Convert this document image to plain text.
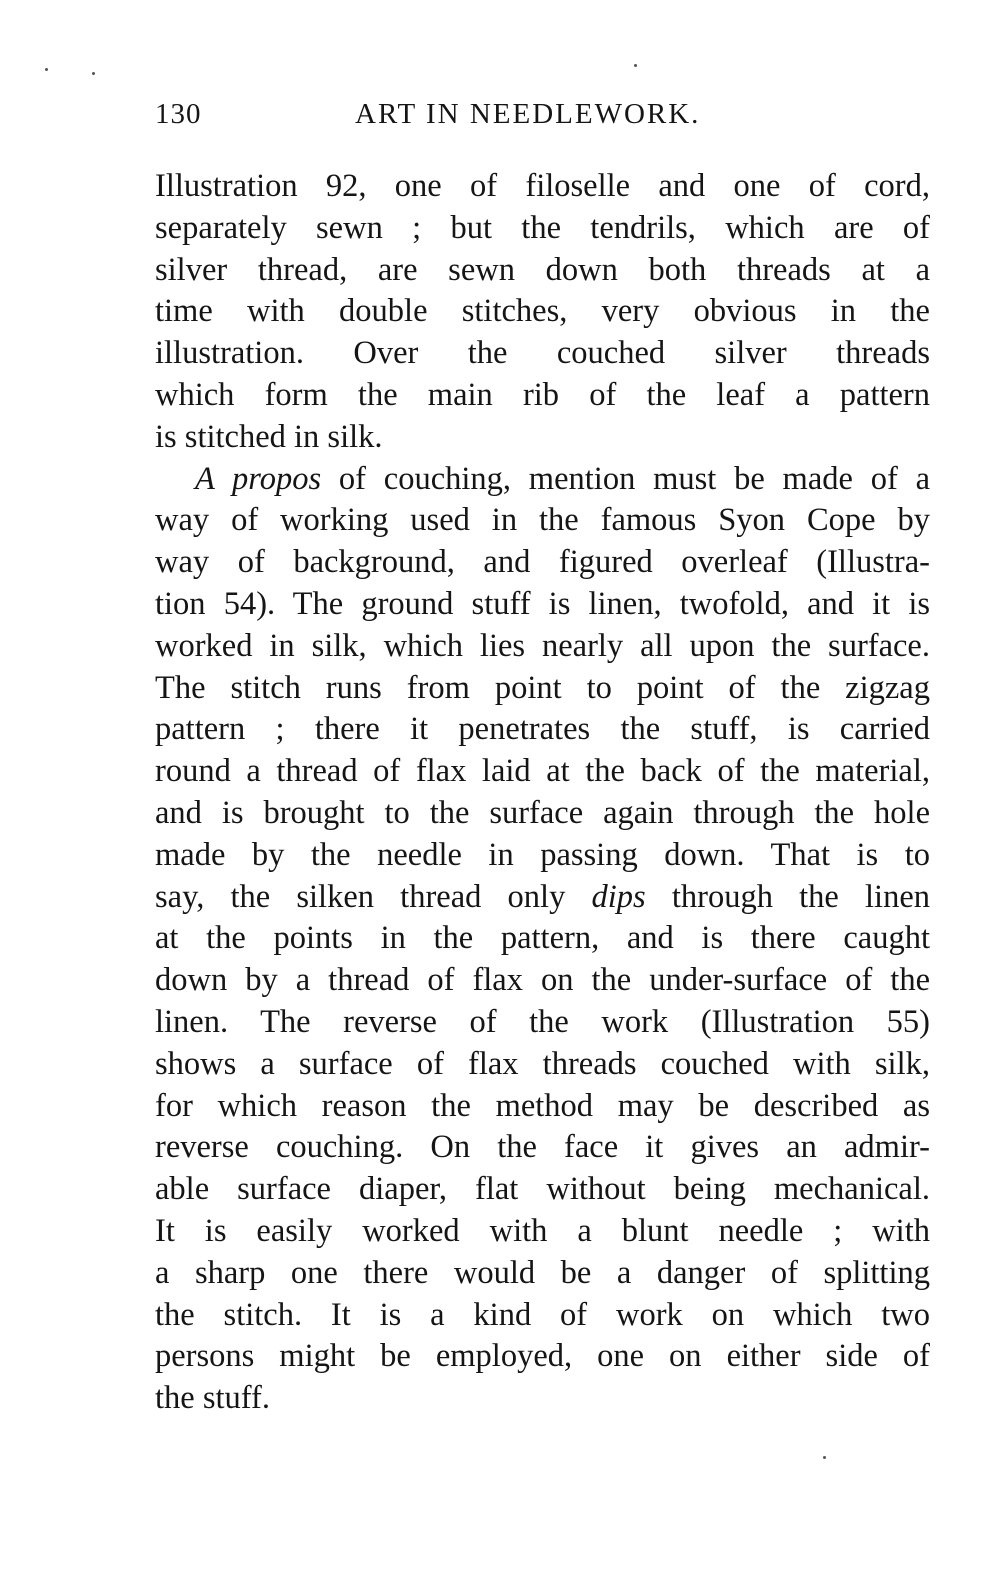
130	ART IN NEEDLEWORK.
Illustration 92, one of filoselle and one of cord,
separately sewn ; but the tendrils, which are of
silver thread, are sewn down both threads at a
time with double stitches, very obvious in the
illustration. Over the couched silver threads
which form the main rib of the leaf a pattern
is stitched in silk.
A propos of couching, mention must be made of a
way of working used in the famous Syon Cope by
way of background, and figured overleaf (Illustra-
tion 54). The ground stuff is linen, twofold, and it is
worked in silk, which lies nearly all upon the surface.
The stitch runs from point to point of the zigzag
pattern ; there it penetrates the stuff, is carried
round a thread of flax laid at the back of the material,
and is brought to the surface again through the hole
made by the needle in passing down. That is to
say, the silken thread only dips through the linen
at the points in the pattern, and is there caught
down by a thread of flax on the under-surface of the
linen. The reverse of the work (Illustration 55)
shows a surface of flax threads couched with silk,
for which reason the method may be described as
reverse couching. On the face it gives an admir-
able surface diaper, flat without being mechanical.
It is easily worked with a blunt needle ; with
a sharp one there would be a danger of splitting
the stitch. It is a kind of work on which two
persons might be employed, one on either side of
the stuff.
